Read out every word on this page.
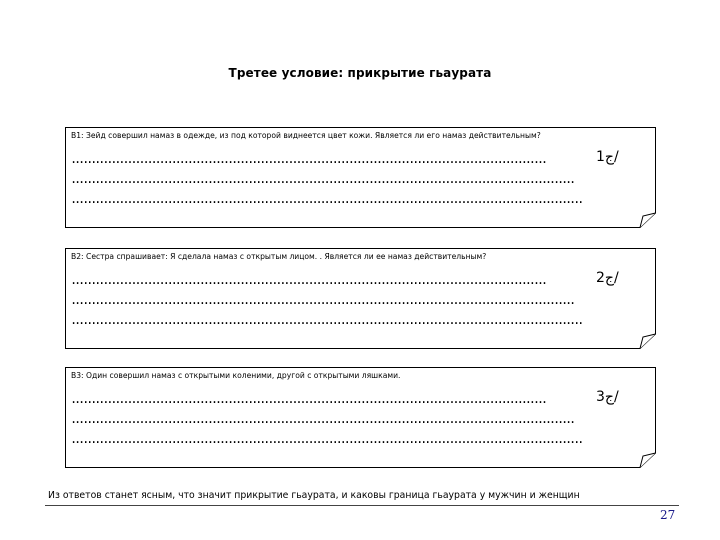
Третее условие: прикрытие гьаурата
В1: Зейд совершил намаз в одежде, из под которой виднеется цвет кожи. Является ли его намаз действительным?
......................................................................................................................	ج1/
.............................................................................................................................
...............................................................................................................................
В2: Сестра спрашивает: Я сделала намаз с открытым лицом. . Является ли ее намаз действительным?
......................................................................................................................	ج2/
.............................................................................................................................
...............................................................................................................................
В3: Один совершил намаз с открытыми коленими, другой с открытыми ляшками.
......................................................................................................................	ج3/
.............................................................................................................................
...............................................................................................................................
Из ответов станет ясным, что значит прикрытие гьаурата, и каковы граница гьаурата у мужчин и женщин
27
